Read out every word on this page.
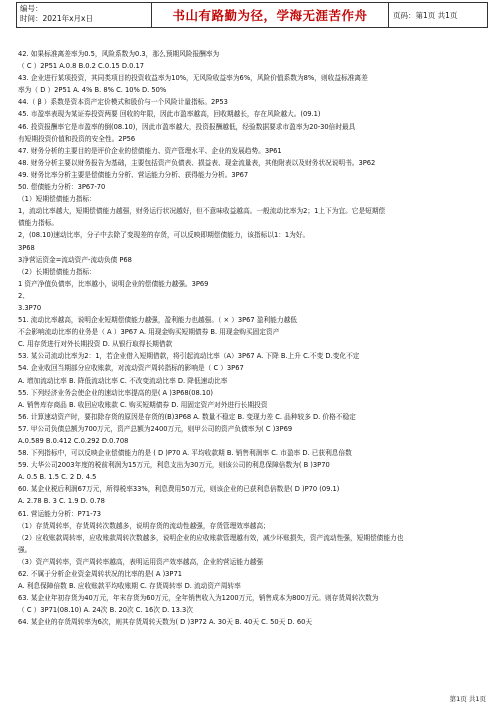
编号：
时间：2021年x月x日	书山有路勤为径，学海无涯苦作舟	页码：第1页 共1页
42. 如果标准离差率为0.5，风险系数为0.3，那么预期风险报酬率为
（ C ）2P51 A.0.8 B.0.2 C.0.15 D.0.17
43. 企业进行某项投资，其同类项目的投资收益率为10%，无风险收益率为6%，风险价值系数为8%，则收益标准离差
率为（ D ）2P51 A. 4% B. 8% C. 10% D. 50%
44.（ β ）系数是资本资产定价模式和股价与一个风险计量指标。2P53
45. 市盈率表现为某证券投资两要 回收的年限，因此市盈率越高，回收期越长，存在风险越大。(09.1)
46. 投资报酬率它是市盈率的倒(08.10)，因此市盈率越大，投资报酬越低，经验数据要求市盈率为20-30倍时最具
有短期投资价值和投资的安全性。2P56
47. 财务分析的主要目的是评价企业的偿债能力、资产管理水平、企业的发展趋势。3P61
48. 财务分析主要以财务报告为基础，主要包括资产负债表、损益表、现金流量表，其他附表以及财务状况说明书。3P62
49. 财务比率分析主要是偿债能力分析、营运能力分析、获得能力分析。3P67
50. 偿债能力分析：3P67-70
（1）短期偿债能力指标：
1，流动比率越大，短期偿债能力越强，财务运行状况越好，但不意味收益越高。一般流动比率为2；1上下为宜。它是短期偿
债能力指标。
2，(08.10)速动比率，分子中去除了变现差的存货，可以反映即期偿债能力，该指标以1：1为好。
3P68
3净营运资金=流动资产-流动负债 P68
（2）长期偿债能力指标：
1 资产净值负债率，比率越小，说明企业的偿债能力越强。3P69
2、
3.3P70
51. 流动比率越高，说明企业短期偿债能力越强，盈利能力也越强。（ × ）3P67 盈利能力越低
不会影响流动比率的业务是（ A ）3P67 A. 用现金购买短期债券 B. 用现金购买固定资产
C. 用存货进行对外长期投资 D. 从银行取得长期借款
53. 某公司流动比率为2：1，若企业借入短期借款，将引起流动比率（A）3P67 A. 下降 B.上升 C.不变 D.变化不定
54. 企业收回当期部分应收账款，对流动资产周转指标的影响是（ C ）3P67
A. 增加流动比率 B. 降低流动比率 C. 不改变流动比率 D. 降低速动比率
55. 下列经济业务会使企业的速动比率提高的是( A )3P68(08.10)
A. 销售库存商品 B. 收回应收账款 C. 购买短期债券 D. 用固定资产对外进行长期投资
56. 计算速动资产时，要扣除存货的原因是存货的(B)3P68 A. 数量不稳定 B. 变现力差 C. 品种较多 D. 价格不稳定
57. 甲公司负债总额为700万元，资产总额为2400万元，则甲公司的资产负债率为( C )3P69
A.0.589 B.0.412 C.0.292 D.0.708
58. 下列指标中，可以反映企业偿债能力的是 ( D )P70 A. 平均收款期 B. 销售利润率 C. 市盈率 D. 已获利息倍数
59. 大华公司2003年度的税前利润为15万元，利息支出为30万元，则该公司的利息保障倍数为( B )3P70
A. 0.5 B. 1.5 C. 2 D. 4.5
60. 某企业税后利润67万元，所得税率33%，利息费用50万元，则该企业的已获利息倍数是( D )P70 (09.1)
A. 2.78 B. 3 C. 1.9 D. 0.78
61. 营运能力分析：P71-73
（1）存货周转率，存货周转次数越多，说明存货的流动性越强，存货管理效率越高；
（2）应收账款周转率，应收账款周转次数越多，说明企业的应收账款管理越有效，减少坏账损失，资产流动性强，短期偿债能力也
强。
（3）资产周转率，资产周转率越高，表明运用资产效率越高，企业的营运能力越强
62. 不属于分析企业资金周转状况的比率的是( A )3P71
A. 利息保障倍数 B. 应收账款平均收账期 C. 存货周转率 D. 流动资产周转率
63. 某企业年初存货为40万元，年末存货为60万元，全年销售收入为1200万元，销售成本为800万元。则存货周转次数为
（ C ）3P71(08.10) A. 24次 B. 20次 C. 16次 D. 13.3次
64. 某企业的存货周转率为6次，则其存货周转天数为( D )3P72 A. 30天 B. 40天 C. 50天 D. 60天
第1页 共1页
